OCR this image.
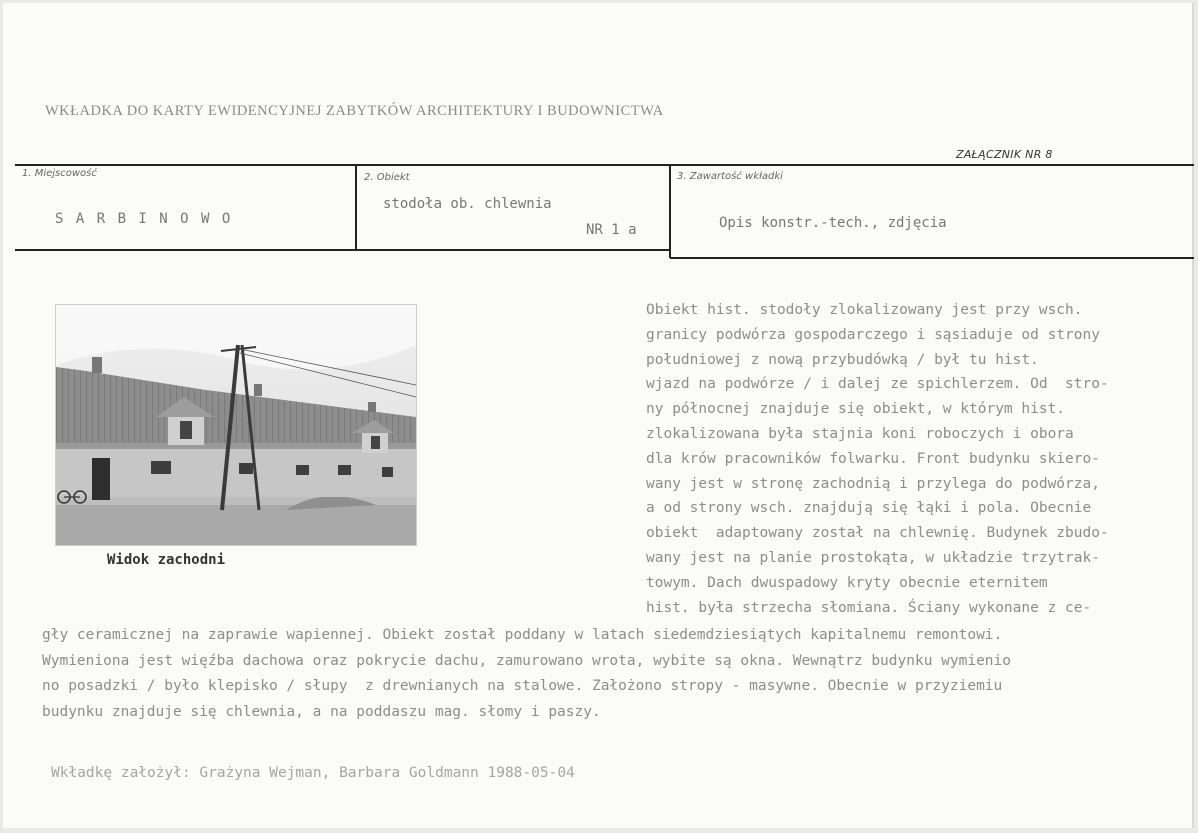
WKŁADKA DO KARTY EWIDENCYJNEJ ZABYTKÓW ARCHITEKTURY I BUDOWNICTWA
ZAŁĄCZNIK NR 8
1. Miejscowość
S A R B I N O W O
2. Obiekt
stodoła ob. chlewnia
NR 1 a
3. Zawartość wkładki
Opis konstr.-tech., zdjęcia
Widok zachodni
Obiekt hist. stodoły zlokalizowany jest przy wsch.
granicy podwórza gospodarczego i sąsiaduje od strony
południowej z nową przybudówką / był tu hist.
wjazd na podwórze / i dalej ze spichlerzem. Od  stro-
ny północnej znajduje się obiekt, w którym hist.
zlokalizowana była stajnia koni roboczych i obora
dla krów pracowników folwarku. Front budynku skiero-
wany jest w stronę zachodnią i przylega do podwórza,
a od strony wsch. znajdują się łąki i pola. Obecnie
obiekt  adaptowany został na chlewnię. Budynek zbudo-
wany jest na planie prostokąta, w układzie trzytrak-
towym. Dach dwuspadowy kryty obecnie eternitem
hist. była strzecha słomiana. Ściany wykonane z ce-
gły ceramicznej na zaprawie wapiennej. Obiekt został poddany w latach siedemdziesiątych kapitalnemu remontowi.
Wymieniona jest więźba dachowa oraz pokrycie dachu, zamurowano wrota, wybite są okna. Wewnątrz budynku wymienio
no posadzki / było klepisko / słupy  z drewnianych na stalowe. Założono stropy - masywne. Obecnie w przyziemiu
budynku znajduje się chlewnia, a na poddaszu mag. słomy i paszy.
Wkładkę założył: Grażyna Wejman, Barbara Goldmann 1988-05-04
